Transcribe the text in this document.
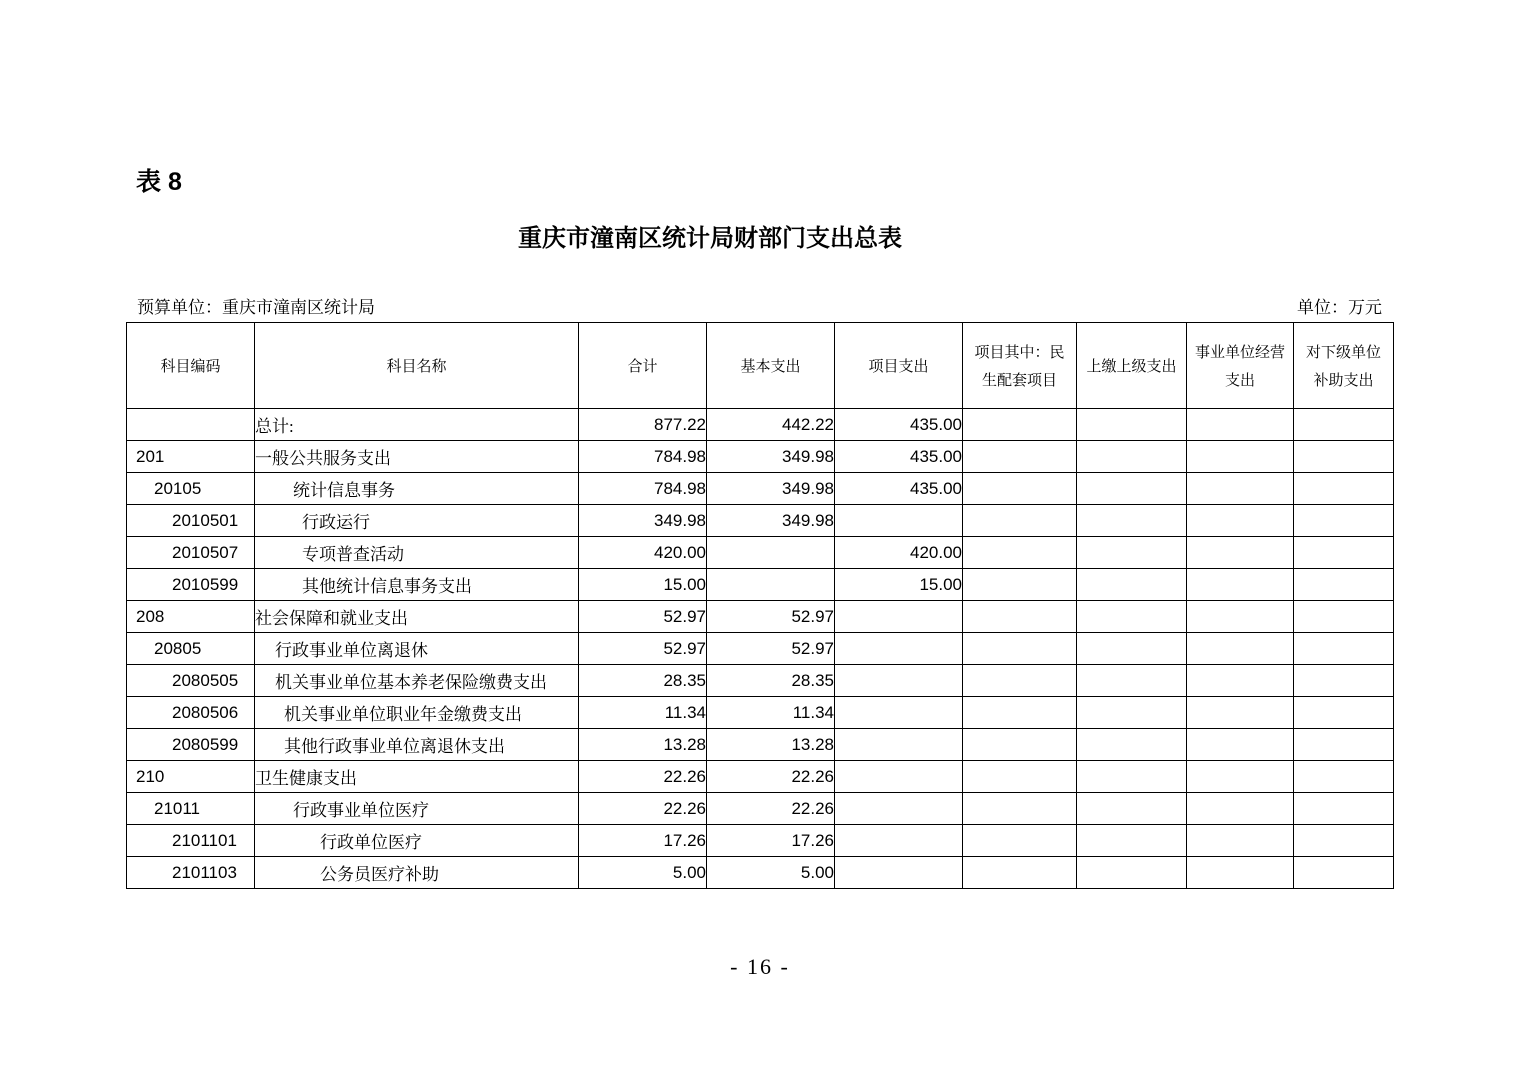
表 8
重庆市潼南区统计局财部门支出总表
预算单位：重庆市潼南区统计局	单位：万元
科目编码	科目名称	合计	基本支出	项目支出	项目其中：民生配套项目	上缴上级支出	事业单位经营支出	对下级单位补助支出
	总计:	877.22	442.22	435.00				
201	一般公共服务支出	784.98	349.98	435.00				
20105	统计信息事务	784.98	349.98	435.00				
2010501	行政运行	349.98	349.98					
2010507	专项普查活动	420.00		420.00				
2010599	其他统计信息事务支出	15.00		15.00				
208	社会保障和就业支出	52.97	52.97					
20805	行政事业单位离退休	52.97	52.97					
2080505	机关事业单位基本养老保险缴费支出	28.35	28.35					
2080506	机关事业单位职业年金缴费支出	11.34	11.34					
2080599	其他行政事业单位离退休支出	13.28	13.28					
210	卫生健康支出	22.26	22.26					
21011	行政事业单位医疗	22.26	22.26					
2101101	行政单位医疗	17.26	17.26					
2101103	公务员医疗补助	5.00	5.00					
- 16 -
